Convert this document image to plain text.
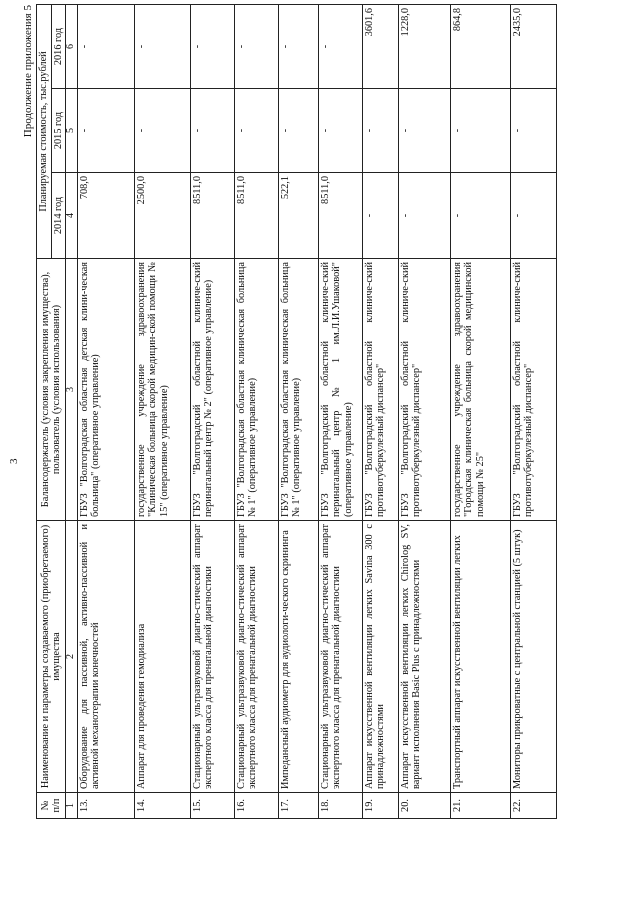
3
Продолжение приложения 5
№ п/п	Наименование и параметры создаваемого (приобретаемого) имущества	Балансодержатель (условия закрепления имущества), пользователь (условия использования)	Планируемая стоимость, тыс.рублей		
			2014 год	2015 год	2016 год
1	2	3	4	5	6
13.	Оборудование для пассивной, активно-пассивной и активной механотерапии конечностей	ГБУЗ "Волгоградская областная детская клини-ческая больница" (оперативное управление)	708,0	-	-
14.	Аппарат для проведения гемодиализа	государственное учреждение здравоохранения "Клиническая больница скорой медицин-ской помощи № 15" (оперативное управление)	2500,0	-	-
15.	Стационарный ультразвуковой диагно-стический аппарат экспертного класса для пренатальной диагностики	ГБУЗ "Волгоградский областной клиниче-ский перинатальный центр № 2" (оперативное управление)	8511,0	-	-
16.	Стационарный ультразвуковой диагно-стический аппарат экспертного класса для пренатальной диагностики	ГБУЗ "Волгоградская областная клиническая больница № 1" (оперативное управление)	8511,0	-	-
17.	Импедансный аудиометр для аудиологи-ческого скрининга	ГБУЗ "Волгоградская областная клиническая больница № 1" (оперативное управление)	522,1	-	-
18.	Стационарный ультразвуковой диагно-стический аппарат экспертного класса для пренатальной диагностики	ГБУЗ "Волгоградский областной клиниче-ский перинатальный центр № 1 им.Л.И.Ушаковой" (оперативное управление)	8511,0	-	-
19.	Аппарат искусственной вентиляции легких Savina 300 с принадлежностями	ГБУЗ "Волгоградский областной клиниче-ский противотуберкулезный диспансер"	-	-	3601,6
20.	Аппарат искусственной вентиляции легких Chirolog SV, вариант исполнения Basic Plus с принадлежностями	ГБУЗ "Волгоградский областной клиниче-ский противотуберкулезный диспансер"	-	-	1228,0
21.	Транспортный аппарат искусственной вентиляции легких	государственное учреждение здравоохранения "Городская клиническая больница скорой медицинской помощи № 25"	-	-	864,8
22.	Мониторы прикроватные с центральной станцией (5 штук)	ГБУЗ "Волгоградский областной клиниче-ский противотуберкулезный диспансер"	-	-	2435,0
